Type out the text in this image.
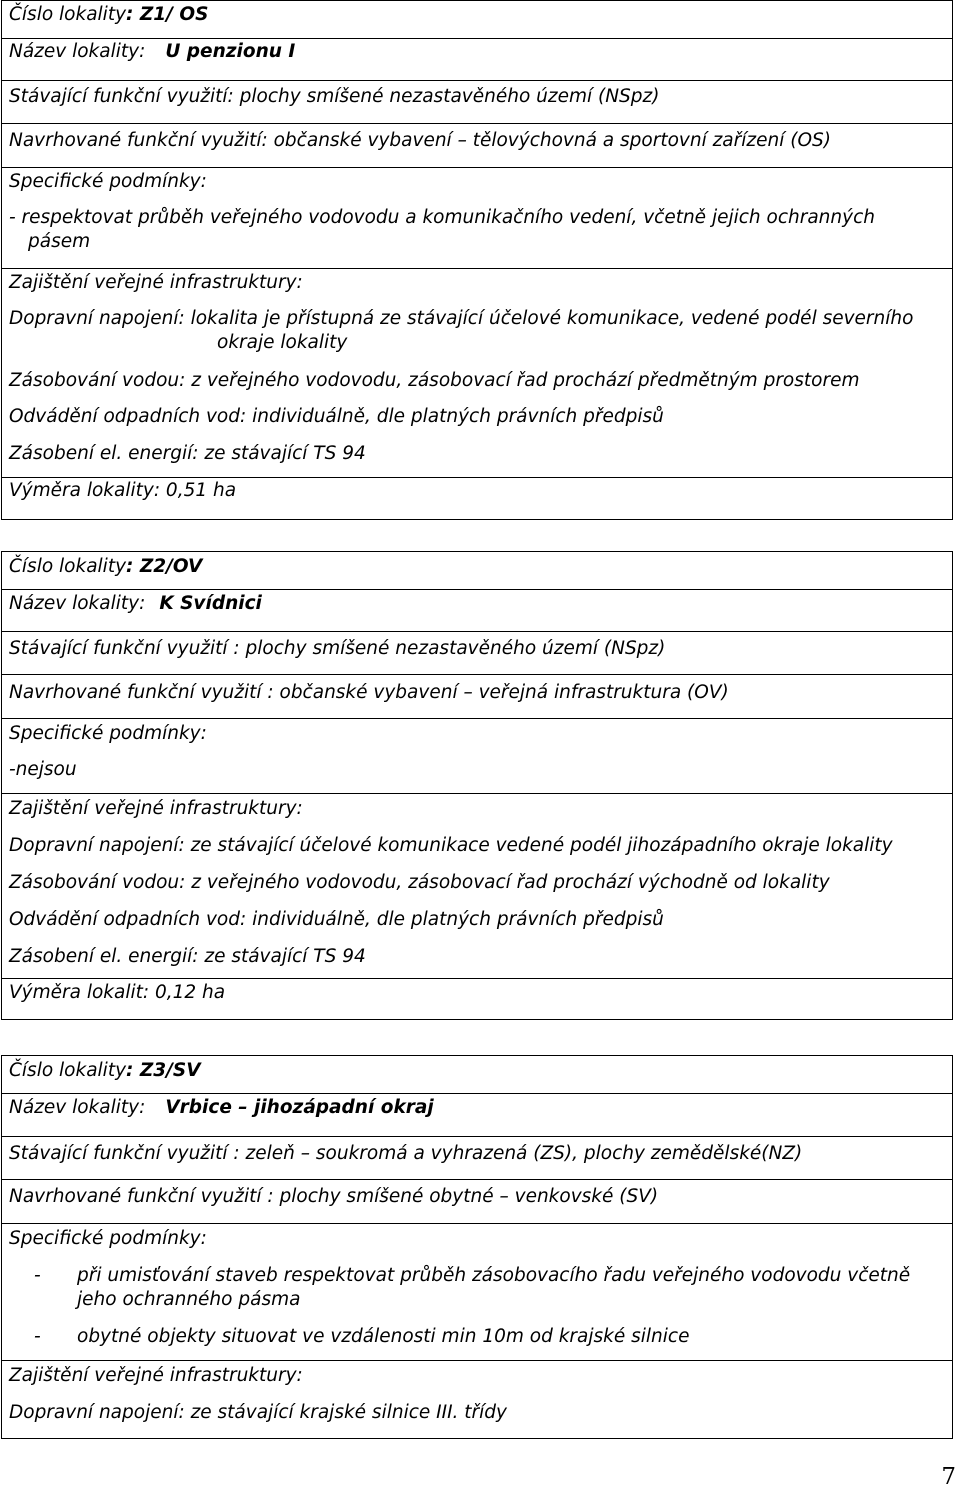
Číslo lokality: Z1/ OS
Název lokality: U penzionu I
Stávající funkční využití: plochy smíšené nezastavěného území (NSpz)
Navrhované funkční využití: občanské vybavení – tělovýchovná a sportovní zařízení (OS)
Specifické podmínky:
- respektovat průběh veřejného vodovodu a komunikačního vedení, včetně jejich ochranných
pásem
Zajištění veřejné infrastruktury:
Dopravní napojení: lokalita je přístupná ze stávající účelové komunikace, vedené podél severního
okraje lokality
Zásobování vodou: z veřejného vodovodu, zásobovací řad prochází předmětným prostorem
Odvádění odpadních vod: individuálně, dle platných právních předpisů
Zásobení el. energií: ze stávající TS 94
Výměra lokality: 0,51 ha
Číslo lokality: Z2/OV
Název lokality: K Svídnici
Stávající funkční využití : plochy smíšené nezastavěného území (NSpz)
Navrhované funkční využití : občanské vybavení – veřejná infrastruktura (OV)
Specifické podmínky:
-nejsou
Zajištění veřejné infrastruktury:
Dopravní napojení: ze stávající účelové komunikace vedené podél jihozápadního okraje lokality
Zásobování vodou: z veřejného vodovodu, zásobovací řad prochází východně od lokality
Odvádění odpadních vod: individuálně, dle platných právních předpisů
Zásobení el. energií: ze stávající TS 94
Výměra lokalit: 0,12 ha
Číslo lokality: Z3/SV
Název lokality: Vrbice – jihozápadní okraj
Stávající funkční využití : zeleň – soukromá a vyhrazená (ZS), plochy zemědělské(NZ)
Navrhované funkční využití : plochy smíšené obytné – venkovské (SV)
Specifické podmínky:
- při umisťování staveb respektovat průběh zásobovacího řadu veřejného vodovodu včetně
jeho ochranného pásma
- obytné objekty situovat ve vzdálenosti min 10m od krajské silnice
Zajištění veřejné infrastruktury:
Dopravní napojení: ze stávající krajské silnice III. třídy
7
